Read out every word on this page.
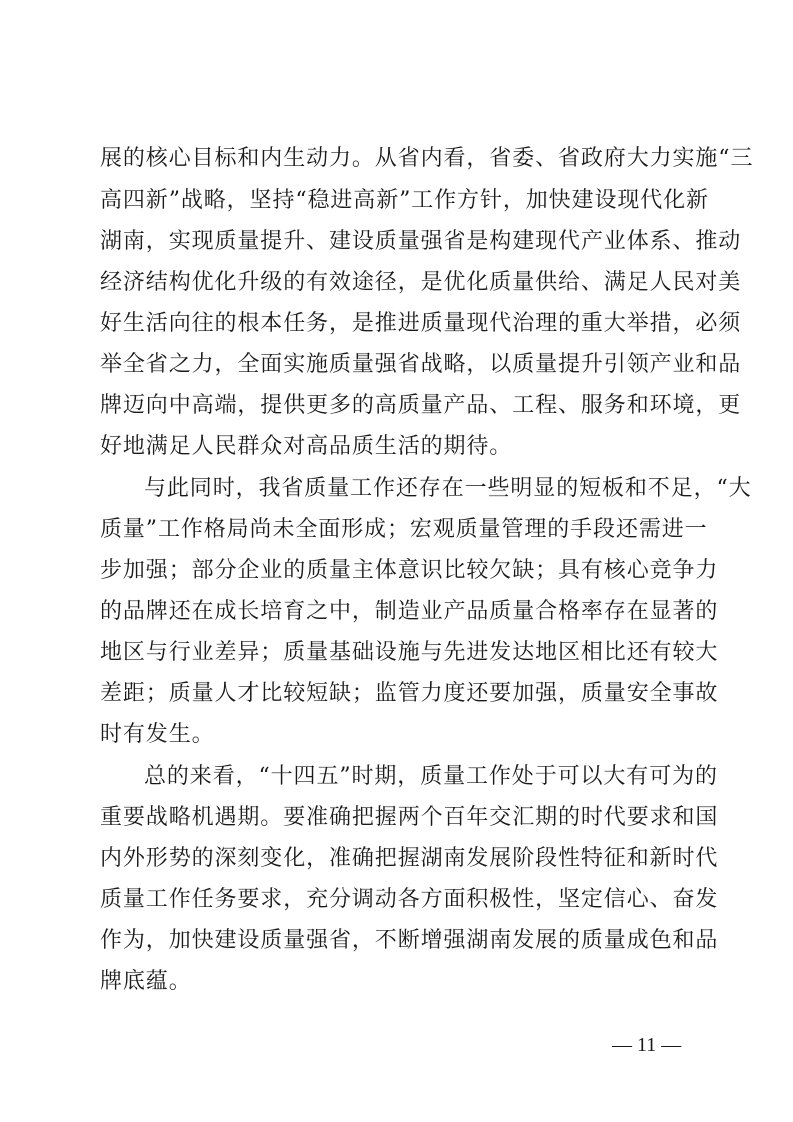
展的核心目标和内生动力。从省内看，省委、省政府大力实施“三
高四新”战略，坚持“稳进高新”工作方针，加快建设现代化新
湖南，实现质量提升、建设质量强省是构建现代产业体系、推动
经济结构优化升级的有效途径，是优化质量供给、满足人民对美
好生活向往的根本任务，是推进质量现代治理的重大举措，必须
举全省之力，全面实施质量强省战略，以质量提升引领产业和品
牌迈向中高端，提供更多的高质量产品、工程、服务和环境，更
好地满足人民群众对高品质生活的期待。
与此同时，我省质量工作还存在一些明显的短板和不足，“大
质量”工作格局尚未全面形成；宏观质量管理的手段还需进一
步加强；部分企业的质量主体意识比较欠缺；具有核心竞争力
的品牌还在成长培育之中，制造业产品质量合格率存在显著的
地区与行业差异；质量基础设施与先进发达地区相比还有较大
差距；质量人才比较短缺；监管力度还要加强，质量安全事故
时有发生。
总的来看，“十四五”时期，质量工作处于可以大有可为的
重要战略机遇期。要准确把握两个百年交汇期的时代要求和国
内外形势的深刻变化，准确把握湖南发展阶段性特征和新时代
质量工作任务要求，充分调动各方面积极性，坚定信心、奋发
作为，加快建设质量强省，不断增强湖南发展的质量成色和品
牌底蕴。
— 11 —
